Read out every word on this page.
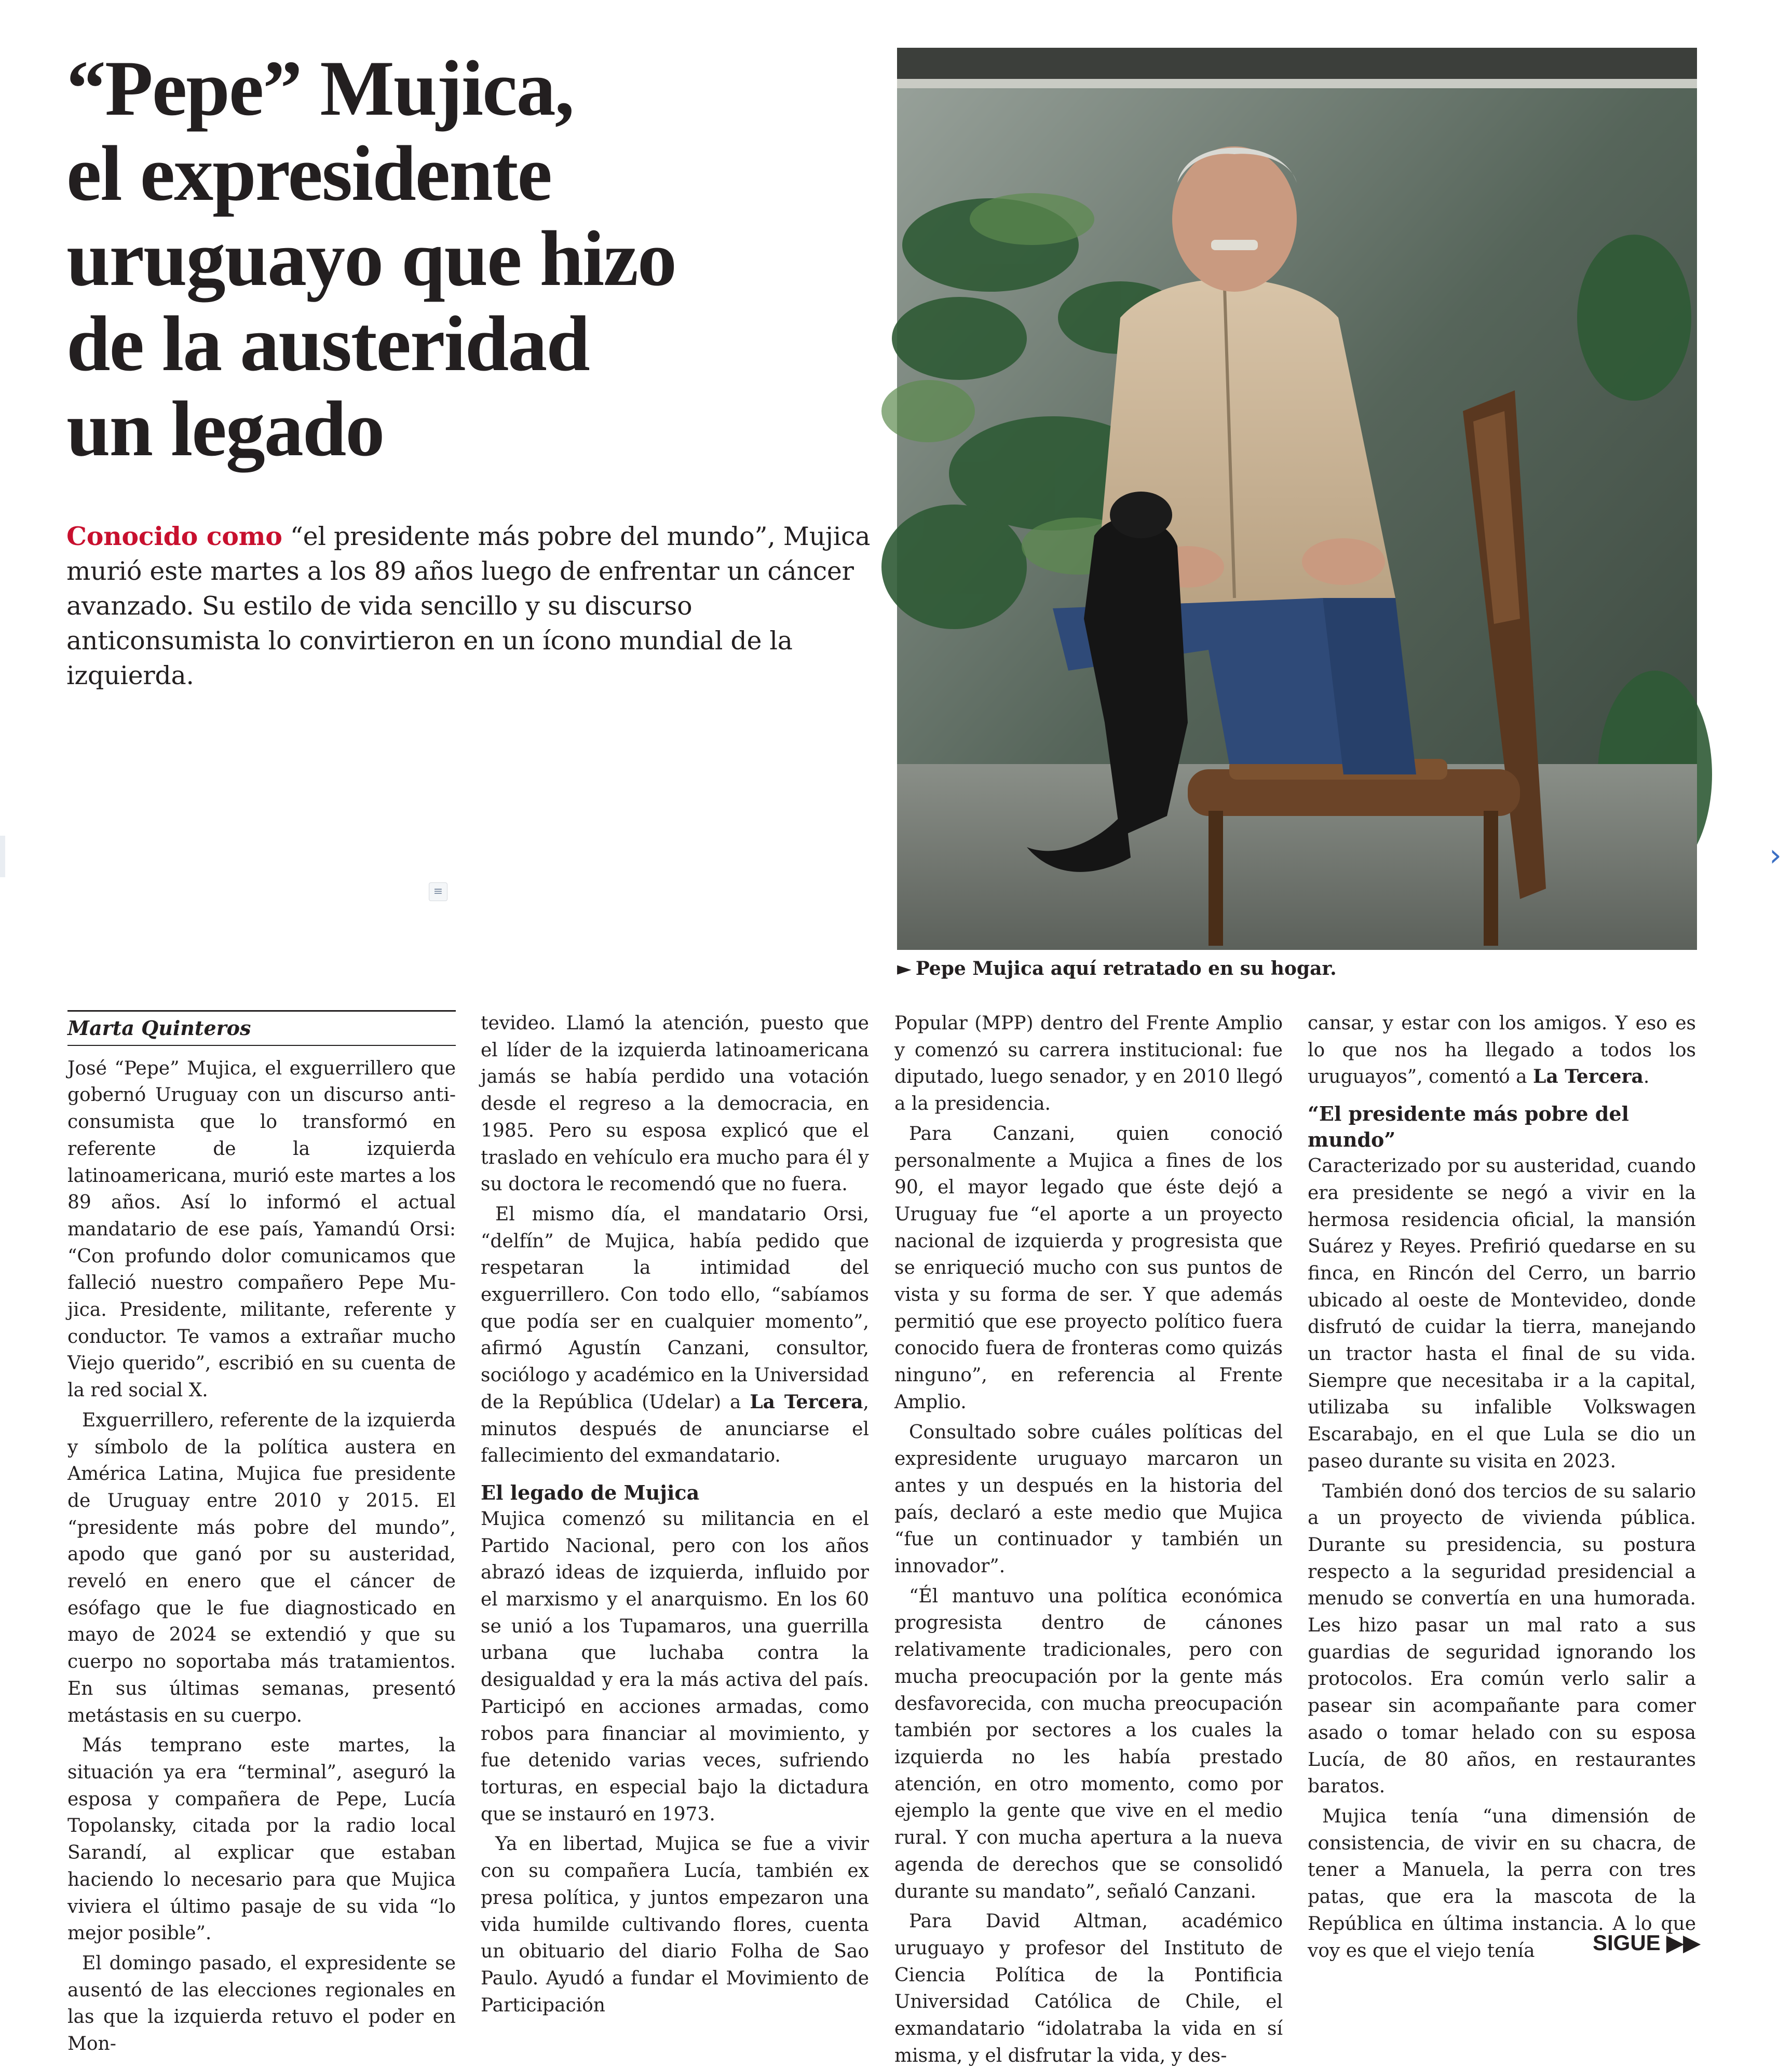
“Pepe” Mujica,
el expresidente
uruguayo que hizo
de la austeridad
un legado

Conocido como “el presidente más pobre del mundo”, Mujica murió este martes a los 89 años luego de enfrentar un cáncer avanzado. Su estilo de vida sencillo y su discurso anticonsumista lo convirtieron en un ícono mundial de la izquierda.

≡

► Pepe Mujica aquí retratado en su hogar.

›
Marta Quinteros

José “Pepe” Mujica, el exguerrillero que gobernó Uruguay con un discurso anti-consumista que lo transformó en referente de la izquierda latinoamericana, murió este martes a los 89 años. Así lo informó el actual mandatario de ese país, Yamandú Orsi: “Con profundo dolor comunicamos que falleció nuestro compañero Pepe Mu-jica. Presidente, militante, referente y conductor. Te vamos a extrañar mucho Viejo querido”, escribió en su cuenta de la red social X.

Exguerrillero, referente de la izquierda y símbolo de la política austera en América Latina, Mujica fue presidente de Uruguay entre 2010 y 2015. El “presidente más pobre del mundo”, apodo que ganó por su austeridad, reveló en enero que el cáncer de esófago que le fue diagnosticado en mayo de 2024 se extendió y que su cuerpo no soportaba más tratamientos. En sus últimas semanas, presentó metástasis en su cuerpo.

Más temprano este martes, la situación ya era “terminal”, aseguró la esposa y compañera de Pepe, Lucía Topolansky, citada por la radio local Sarandí, al explicar que estaban haciendo lo necesario para que Mujica viviera el último pasaje de su vida “lo mejor posible”.

El domingo pasado, el expresidente se ausentó de las elecciones regionales en las que la izquierda retuvo el poder en Mon-

tevideo. Llamó la atención, puesto que el líder de la izquierda latinoamericana jamás se había perdido una votación desde el regreso a la democracia, en 1985. Pero su esposa explicó que el traslado en vehículo era mucho para él y su doctora le recomendó que no fuera.

El mismo día, el mandatario Orsi, “delfín” de Mujica, había pedido que respetaran la intimidad del exguerrillero. Con todo ello, “sabíamos que podía ser en cualquier momento”, afirmó Agustín Canzani, consultor, sociólogo y académico en la Universidad de la República (Udelar) a La Tercera, minutos después de anunciarse el fallecimiento del exmandatario.

El legado de Mujica

Mujica comenzó su militancia en el Partido Nacional, pero con los años abrazó ideas de izquierda, influido por el marxismo y el anarquismo. En los 60 se unió a los Tupamaros, una guerrilla urbana que luchaba contra la desigualdad y era la más activa del país. Participó en acciones armadas, como robos para financiar al movimiento, y fue detenido varias veces, sufriendo torturas, en especial bajo la dictadura que se instauró en 1973.

Ya en libertad, Mujica se fue a vivir con su compañera Lucía, también ex presa política, y juntos empezaron una vida humilde cultivando flores, cuenta un obituario del diario Folha de Sao Paulo. Ayudó a fundar el Movimiento de Participación

Popular (MPP) dentro del Frente Amplio y comenzó su carrera institucional: fue diputado, luego senador, y en 2010 llegó a la presidencia.

Para Canzani, quien conoció personalmente a Mujica a fines de los 90, el mayor legado que éste dejó a Uruguay fue “el aporte a un proyecto nacional de izquierda y progresista que se enriqueció mucho con sus puntos de vista y su forma de ser. Y que además permitió que ese proyecto político fuera conocido fuera de fronteras como quizás ninguno”, en referencia al Frente Amplio.

Consultado sobre cuáles políticas del expresidente uruguayo marcaron un antes y un después en la historia del país, declaró a este medio que Mujica “fue un continuador y también un innovador”.

“Él mantuvo una política económica progresista dentro de cánones relativamente tradicionales, pero con mucha preocupación por la gente más desfavorecida, con mucha preocupación también por sectores a los cuales la izquierda no les había prestado atención, en otro momento, como por ejemplo la gente que vive en el medio rural. Y con mucha apertura a la nueva agenda de derechos que se consolidó durante su mandato”, señaló Canzani.

Para David Altman, académico uruguayo y profesor del Instituto de Ciencia Política de la Pontificia Universidad Católica de Chile, el exmandatario “idolatraba la vida en sí misma, y el disfrutar la vida, y des-

cansar, y estar con los amigos. Y eso es lo que nos ha llegado a todos los uruguayos”, comentó a La Tercera.

“El presidente más pobre del mundo”

Caracterizado por su austeridad, cuando era presidente se negó a vivir en la hermosa residencia oficial, la mansión Suárez y Reyes. Prefirió quedarse en su finca, en Rincón del Cerro, un barrio ubicado al oeste de Montevideo, donde disfrutó de cuidar la tierra, manejando un tractor hasta el final de su vida. Siempre que necesitaba ir a la capital, utilizaba su infalible Volkswagen Escarabajo, en el que Lula se dio un paseo durante su visita en 2023.

También donó dos tercios de su salario a un proyecto de vivienda pública. Durante su presidencia, su postura respecto a la seguridad presidencial a menudo se convertía en una humorada. Les hizo pasar un mal rato a sus guardias de seguridad ignorando los protocolos. Era común verlo salir a pasear sin acompañante para comer asado o tomar helado con su esposa Lucía, de 80 años, en restaurantes baratos.

Mujica tenía “una dimensión de consistencia, de vivir en su chacra, de tener a Manuela, la perra con tres patas, que era la mascota de la República en última instancia. A lo que voy es que el viejo tenía	SIGUE ▶▶
